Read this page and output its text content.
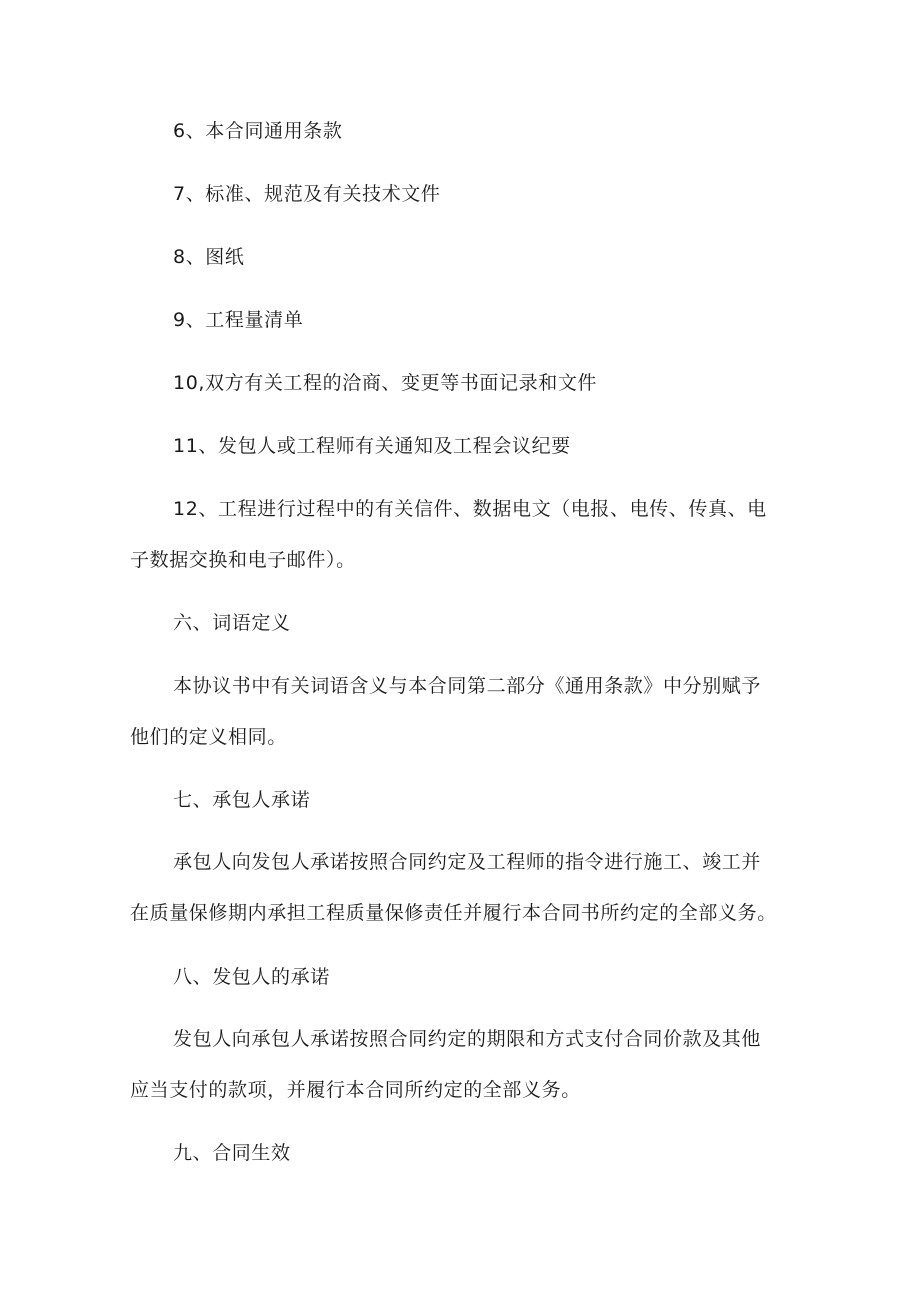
6、本合同通用条款

7、标准、规范及有关技术文件

8、图纸

9、工程量清单

10,双方有关工程的洽商、变更等书面记录和文件

11、发包人或工程师有关通知及工程会议纪要

12、工程进行过程中的有关信件、数据电文（电报、电传、传真、电

子数据交换和电子邮件）。

六、词语定义

本协议书中有关词语含义与本合同第二部分《通用条款》中分别赋予

他们的定义相同。

七、承包人承诺

承包人向发包人承诺按照合同约定及工程师的指令进行施工、竣工并

在质量保修期内承担工程质量保修责任并履行本合同书所约定的全部义务。

八、发包人的承诺

发包人向承包人承诺按照合同约定的期限和方式支付合同价款及其他

应当支付的款项，并履行本合同所约定的全部义务。

九、合同生效
